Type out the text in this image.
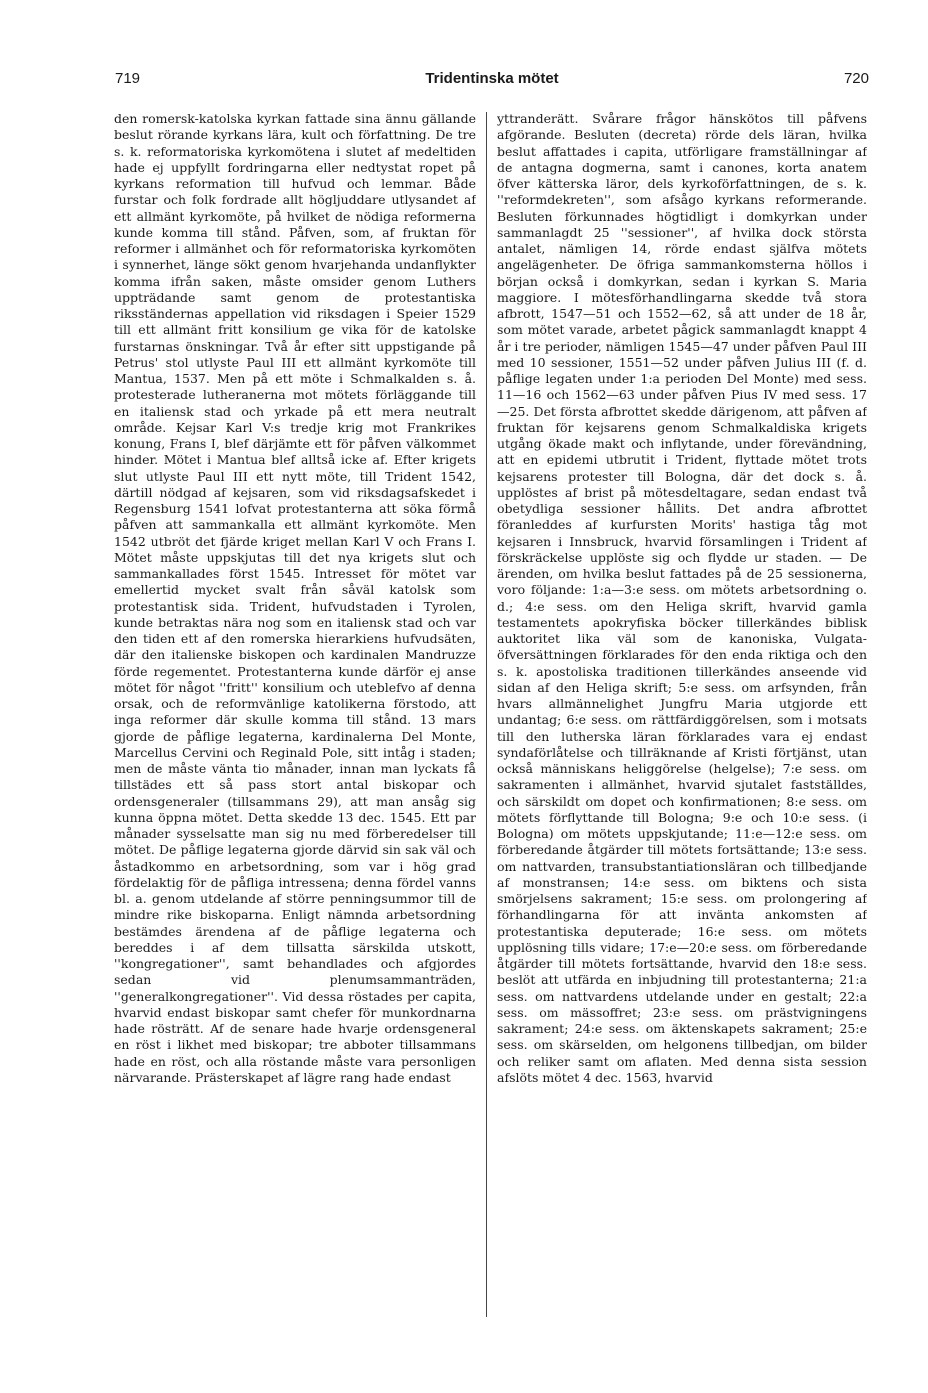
719	Tridentinska mötet	720

den romersk-katolska kyrkan fattade sina ännu gällande beslut rörande kyrkans lära, kult och författning. De tre s. k. reformatoriska kyrkomötena i slutet af medeltiden hade ej uppfyllt fordringarna eller nedtystat ropet på kyrkans reformation till hufvud och lemmar. Både furstar och folk fordrade allt högljuddare utlysandet af ett allmänt kyrkomöte, på hvilket de nödiga reformerna kunde komma till stånd. Påfven, som, af fruktan för reformer i allmänhet och för reformatoriska kyrkomöten i synnerhet, länge sökt genom hvarjehanda undanflykter komma ifrån saken, måste omsider genom Luthers uppträdande samt genom de protestantiska riksständernas appellation vid riksdagen i Speier 1529 till ett allmänt fritt konsilium ge vika för de katolske furstarnas önskningar. Två år efter sitt uppstigande på Petrus' stol utlyste Paul III ett allmänt kyrkomöte till Mantua, 1537. Men på ett möte i Schmalkalden s. å. protesterade lutheranerna mot mötets förläggande till en italiensk stad och yrkade på ett mera neutralt område. Kejsar Karl V:s tredje krig mot Frankrikes konung, Frans I, blef därjämte ett för påfven välkommet hinder. Mötet i Mantua blef alltså icke af. Efter krigets slut utlyste Paul III ett nytt möte, till Trident 1542, därtill nödgad af kejsaren, som vid riksdagsafskedet i Regensburg 1541 lofvat protestanterna att söka förmå påfven att sammankalla ett allmänt kyrkomöte. Men 1542 utbröt det fjärde kriget mellan Karl V och Frans I. Mötet måste uppskjutas till det nya krigets slut och sammankallades först 1545. Intresset för mötet var emellertid mycket svalt från såväl katolsk som protestantisk sida. Trident, hufvudstaden i Tyrolen, kunde betraktas nära nog som en italiensk stad och var den tiden ett af den romerska hierarkiens hufvudsäten, där den italienske biskopen och kardinalen Mandruzze förde regementet. Protestanterna kunde därför ej anse mötet för något ''fritt'' konsilium och uteblefvo af denna orsak, och de reformvänlige katolikerna förstodo, att inga reformer där skulle komma till stånd. 13 mars gjorde de påflige legaterna, kardinalerna Del Monte, Marcellus Cervini och Reginald Pole, sitt intåg i staden; men de måste vänta tio månader, innan man lyckats få tillstädes ett så pass stort antal biskopar och ordensgeneraler (tillsammans 29), att man ansåg sig kunna öppna mötet. Detta skedde 13 dec. 1545. Ett par månader sysselsatte man sig nu med förberedelser till mötet. De påflige legaterna gjorde därvid sin sak väl och åstadkommo en arbetsordning, som var i hög grad fördelaktig för de påfliga intressena; denna fördel vanns bl. a. genom utdelande af större penningsummor till de mindre rike biskoparna. Enligt nämnda arbetsordning bestämdes ärendena af de påflige legaterna och bereddes i af dem tillsatta särskilda utskott, ''kongregationer'', samt behandlades och afgjordes sedan vid plenumsammanträden, ''generalkongregationer''. Vid dessa röstades per capita, hvarvid endast biskopar samt chefer för munkordnarna hade rösträtt. Af de senare hade hvarje ordensgeneral en röst i likhet med biskopar; tre abboter tillsammans hade en röst, och alla röstande måste vara personligen närvarande. Prästerskapet af lägre rang hade endast

yttranderätt. Svårare frågor hänskötos till påfvens afgörande. Besluten (decreta) rörde dels läran, hvilka beslut affattades i capita, utförligare framställningar af de antagna dogmerna, samt i canones, korta anatem öfver kätterska läror, dels kyrkoförfattningen, de s. k. ''reformdekreten'', som afsågo kyrkans reformerande. Besluten förkunnades högtidligt i domkyrkan under sammanlagdt 25 ''sessioner'', af hvilka dock största antalet, nämligen 14, rörde endast själfva mötets angelägenheter. De öfriga sammankomsterna höllos i början också i domkyrkan, sedan i kyrkan S. Maria maggiore. I mötesförhandlingarna skedde två stora afbrott, 1547—51 och 1552—62, så att under de 18 år, som mötet varade, arbetet pågick sammanlagdt knappt 4 år i tre perioder, nämligen 1545—47 under påfven Paul III med 10 sessioner, 1551—52 under påfven Julius III (f. d. påflige legaten under 1:a perioden Del Monte) med sess. 11—16 och 1562—63 under påfven Pius IV med sess. 17—25. Det första afbrottet skedde därigenom, att påfven af fruktan för kejsarens genom Schmalkaldiska krigets utgång ökade makt och inflytande, under förevändning, att en epidemi utbrutit i Trident, flyttade mötet trots kejsarens protester till Bologna, där det dock s. å. upplöstes af brist på mötesdeltagare, sedan endast två obetydliga sessioner hållits. Det andra afbrottet föranleddes af kurfursten Morits' hastiga tåg mot kejsaren i Innsbruck, hvarvid församlingen i Trident af förskräckelse upplöste sig och flydde ur staden. — De ärenden, om hvilka beslut fattades på de 25 sessionerna, voro följande: 1:a—3:e sess. om mötets arbetsordning o. d.; 4:e sess. om den Heliga skrift, hvarvid gamla testamentets apokryfiska böcker tillerkändes biblisk auktoritet lika väl som de kanoniska, Vulgata-öfversättningen förklarades för den enda riktiga och den s. k. apostoliska traditionen tillerkändes anseende vid sidan af den Heliga skrift; 5:e sess. om arfsynden, från hvars allmännelighet Jungfru Maria utgjorde ett undantag; 6:e sess. om rättfärdiggörelsen, som i motsats till den lutherska läran förklarades vara ej endast syndaförlåtelse och tillräknande af Kristi förtjänst, utan också människans heliggörelse (helgelse); 7:e sess. om sakramenten i allmänhet, hvarvid sjutalet fastställdes, och särskildt om dopet och konfirmationen; 8:e sess. om mötets förflyttande till Bologna; 9:e och 10:e sess. (i Bologna) om mötets uppskjutande; 11:e—12:e sess. om förberedande åtgärder till mötets fortsättande; 13:e sess. om nattvarden, transubstantiationsläran och tillbedjande af monstransen; 14:e sess. om biktens och sista smörjelsens sakrament; 15:e sess. om prolongering af förhandlingarna för att invänta ankomsten af protestantiska deputerade; 16:e sess. om mötets upplösning tills vidare; 17:e—20:e sess. om förberedande åtgärder till mötets fortsättande, hvarvid den 18:e sess. beslöt att utfärda en inbjudning till protestanterna; 21:a sess. om nattvardens utdelande under en gestalt; 22:a sess. om mässoffret; 23:e sess. om prästvigningens sakrament; 24:e sess. om äktenskapets sakrament; 25:e sess. om skärselden, om helgonens tillbedjan, om bilder och reliker samt om aflaten. Med denna sista session afslöts mötet 4 dec. 1563, hvarvid
